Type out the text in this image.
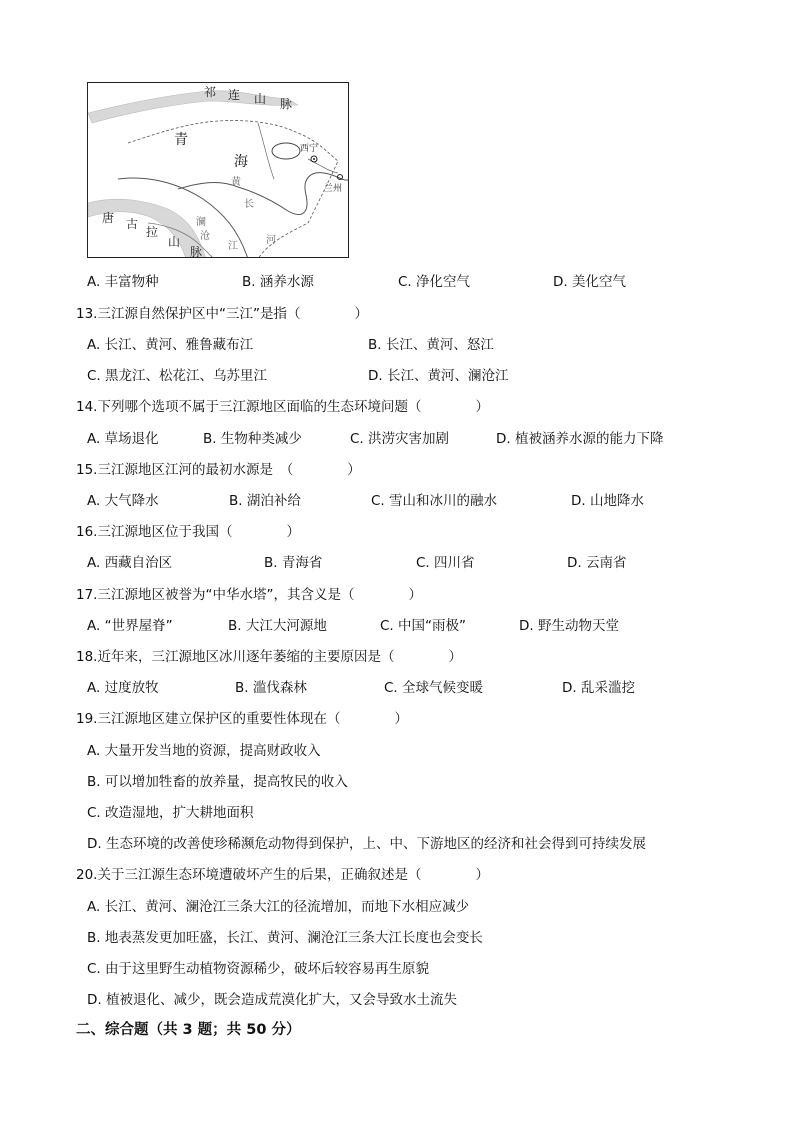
祁 连 山 脉
青
海
西宁
兰州
黄
河
长
江
澜
沧
唐 古
拉
山
脉
A. 丰富物种	B. 涵养水源	C. 净化空气	D. 美化空气
13.三江源自然保护区中“三江”是指（　　　　）
A. 长江、黄河、雅鲁藏布江	B. 长江、黄河、怒江
C. 黑龙江、松花江、乌苏里江	D. 长江、黄河、澜沧江
14.下列哪个选项不属于三江源地区面临的生态环境问题（　　　　）
A. 草场退化	B. 生物种类减少	C. 洪涝灾害加剧	D. 植被涵养水源的能力下降
15.三江源地区江河的最初水源是　（　　　　）
A. 大气降水	B. 湖泊补给	C. 雪山和冰川的融水	D. 山地降水
16.三江源地区位于我国（　　　　）
A. 西藏自治区	B. 青海省	C. 四川省	D. 云南省
17.三江源地区被誉为“中华水塔”，其含义是（　　　　）
A. “世界屋脊”	B. 大江大河源地	C. 中国“雨极”	D. 野生动物天堂
18.近年来，三江源地区冰川逐年萎缩的主要原因是（　　　　）
A. 过度放牧	B. 滥伐森林	C. 全球气候变暖	D. 乱采滥挖
19.三江源地区建立保护区的重要性体现在（　　　　）
A. 大量开发当地的资源，提高财政收入
B. 可以增加牲畜的放养量，提高牧民的收入
C. 改造湿地，扩大耕地面积
D. 生态环境的改善使珍稀濒危动物得到保护，上、中、下游地区的经济和社会得到可持续发展
20.关于三江源生态环境遭破坏产生的后果，正确叙述是（　　　　）
A. 长江、黄河、澜沧江三条大江的径流增加，而地下水相应减少
B. 地表蒸发更加旺盛，长江、黄河、澜沧江三条大江长度也会变长
C. 由于这里野生动植物资源稀少，破坏后较容易再生原貌
D. 植被退化、减少，既会造成荒漠化扩大，又会导致水土流失
二、综合题（共 3 题；共 50 分）
